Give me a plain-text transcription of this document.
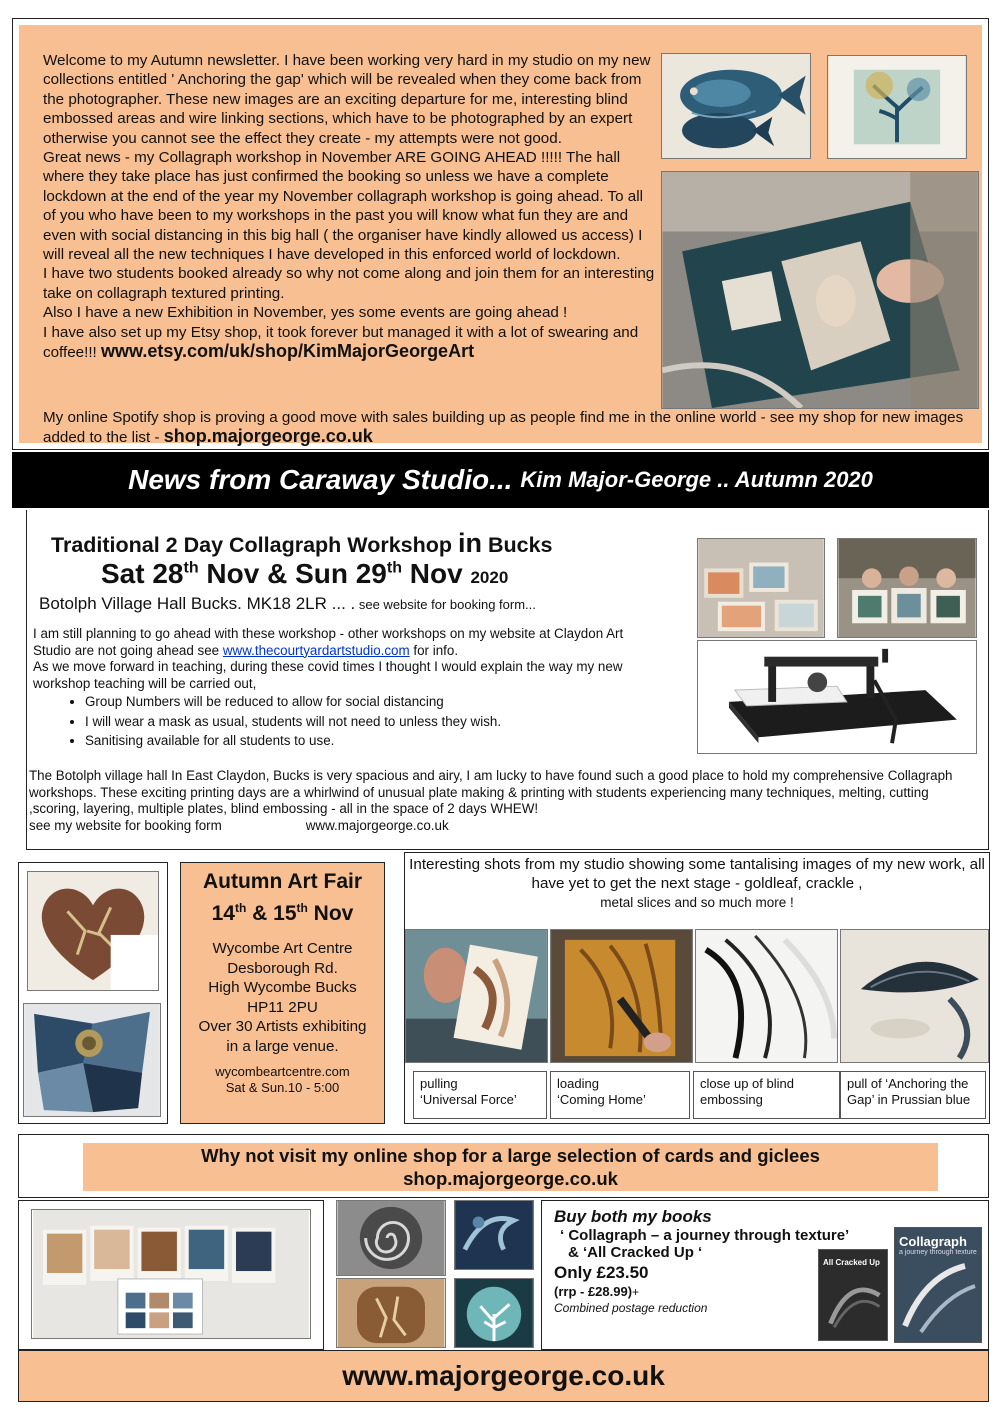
Welcome to my Autumn newsletter. I have been working very hard in my studio on my new collections entitled ' Anchoring the gap' which will be revealed when they come back from the photographer. These new images are an exciting departure for me, interesting blind embossed areas and wire linking sections, which have to be photographed by an expert otherwise you cannot see the effect they create - my attempts were not good.

Great news - my Collagraph workshop in November ARE GOING AHEAD !!!!! The hall where they take place has just confirmed the booking so unless we have a complete lockdown at the end of the year my November collagraph workshop is going ahead. To all of you who have been to my workshops in the past you will know what fun they are and even with social distancing in this big hall ( the organiser have kindly allowed us access) I will reveal all the new techniques I have developed in this enforced world of lockdown.

I have two students booked already so why not come along and join them for an interesting take on collagraph textured printing.

Also I have a new Exhibition in November, yes some events are going ahead !

I have also set up my Etsy shop, it took forever but managed it with a lot of swearing and coffee!!! www.etsy.com/uk/shop/KimMajorGeorgeArt

My online Spotify shop is proving a good move with sales building up as people find me in the online world - see my shop for new images added to the list - shop.majorgeorge.co.uk
News from Caraway Studio... Kim Major-George .. Autumn 2020
Traditional 2 Day Collagraph Workshop in Bucks
Sat 28th Nov & Sun 29th Nov 2020
Botolph Village Hall Bucks. MK18 2LR ... . see website for booking form...
I am still planning to go ahead with these workshop - other workshops on my website at Claydon Art Studio are not going ahead see www.thecourtyardartstudio.com for info.
As we move forward in teaching, during these covid times I thought I would explain the way my new workshop teaching will be carried out,
• Group Numbers will be reduced to allow for social distancing
• I will wear a mask as usual, students will not need to unless they wish.
• Sanitising available for all students to use.
The Botolph village hall In East Claydon, Bucks is very spacious and airy, I am lucky to have found such a good place to hold my comprehensive Collagraph workshops. These exciting printing days are a whirlwind of unusual plate making & printing with students experiencing many techniques, melting, cutting ,scoring, layering, multiple plates, blind embossing - all in the space of 2 days WHEW!
see my website for booking form	www.majorgeorge.co.uk
Autumn Art Fair
14th & 15th Nov
Wycombe Art Centre
Desborough Rd.
High Wycombe Bucks
HP11 2PU
Over 30 Artists exhibiting
in a large venue.
wycombeartcentre.com
Sat & Sun.10 - 5:00
Interesting shots from my studio showing some tantalising images of my new work, all have yet to get the next stage - goldleaf, crackle ,
metal slices and so much more !
pulling
‘Universal Force’
loading
‘Coming Home’
close up of blind
embossing
pull of ‘Anchoring the
Gap’ in Prussian blue
Why not visit my online shop for a large selection of cards and giclees
shop.majorgeorge.co.uk
Buy both my books
‘ Collagraph – a journey through texture’
& ‘All Cracked Up ‘
Only £23.50
(rrp - £28.99)+
Combined postage reduction
All Cracked Up
Collagraph
a journey through texture
www.majorgeorge.co.uk
